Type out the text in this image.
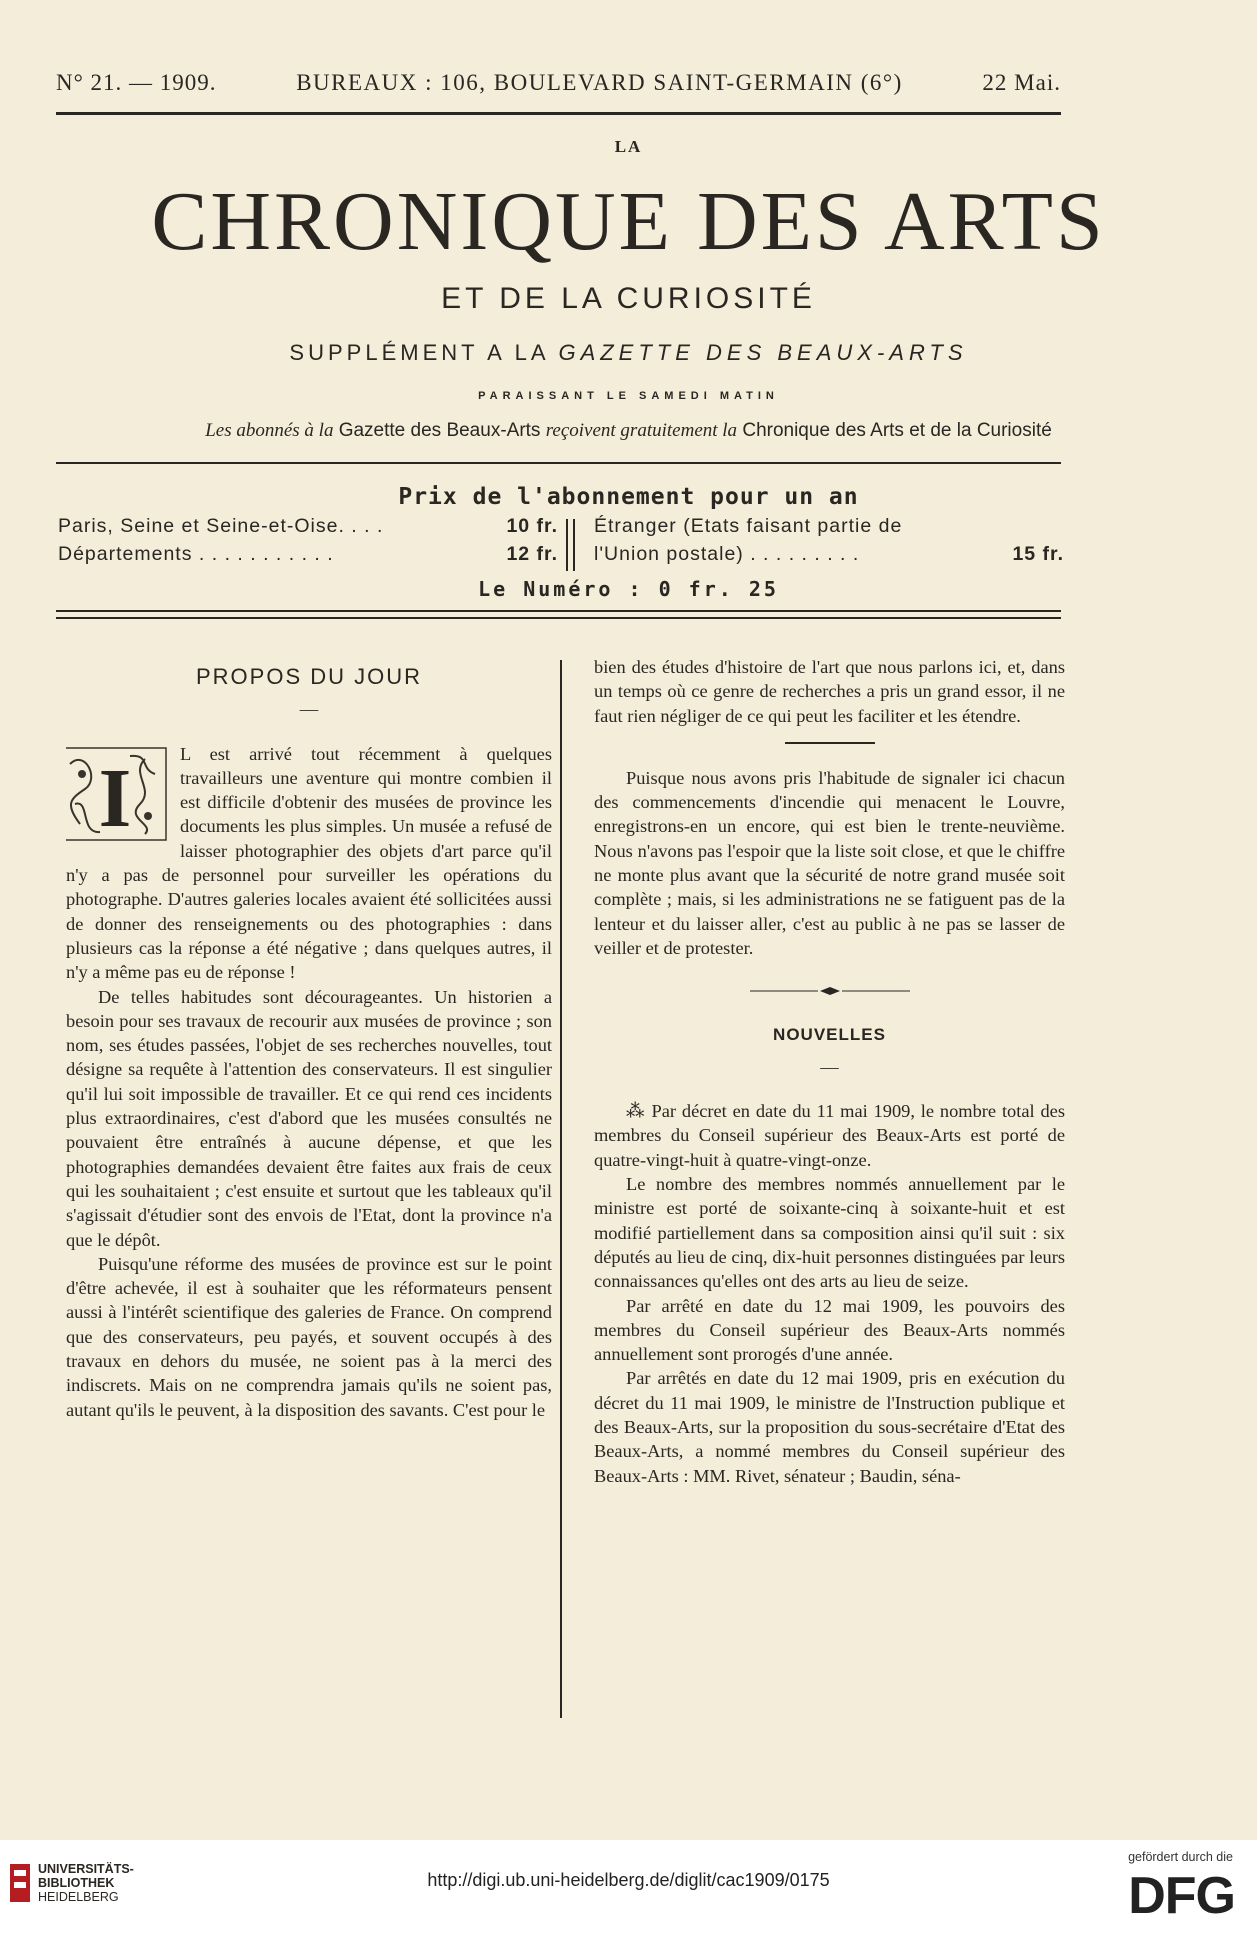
N° 21. — 1909.	BUREAUX : 106, BOULEVARD SAINT-GERMAIN (6°)	22 Mai.
LA
CHRONIQUE DES ARTS
ET DE LA CURIOSITÉ
SUPPLÉMENT A LA GAZETTE DES BEAUX-ARTS
PARAISSANT LE SAMEDI MATIN
Les abonnés à la Gazette des Beaux-Arts reçoivent gratuitement la Chronique des Arts et de la Curiosité
Prix de l'abonnement pour un an
Paris, Seine et Seine-et-Oise. . . .	10 fr.
Départements . . . . . . . . . . .	12 fr.
Étranger (Etats faisant partie de
l'Union postale) . . . . . . . . .	15 fr.
Le Numéro : 0 fr. 25
PROPOS DU JOUR
—
I	L est arrivé tout récemment à quelques travailleurs une aventure qui montre combien il est difficile d'obtenir des musées de province les documents les plus simples. Un musée a refusé de laisser photographier des objets d'art parce qu'il n'y a pas de personnel pour surveiller les opérations du photographe. D'autres galeries locales avaient été sollicitées aussi de donner des renseignements ou des photographies : dans plusieurs cas la réponse a été négative ; dans quelques autres, il n'y a même pas eu de réponse !

De telles habitudes sont décourageantes. Un historien a besoin pour ses travaux de recourir aux musées de province ; son nom, ses études passées, l'objet de ses recherches nouvelles, tout désigne sa requête à l'attention des conservateurs. Il est singulier qu'il lui soit impossible de travailler. Et ce qui rend ces incidents plus extraordinaires, c'est d'abord que les musées consultés ne pouvaient être entraînés à aucune dépense, et que les photographies demandées devaient être faites aux frais de ceux qui les souhaitaient ; c'est ensuite et surtout que les tableaux qu'il s'agissait d'étudier sont des envois de l'Etat, dont la province n'a que le dépôt.

Puisqu'une réforme des musées de province est sur le point d'être achevée, il est à souhaiter que les réformateurs pensent aussi à l'intérêt scientifique des galeries de France. On comprend que des conservateurs, peu payés, et souvent occupés à des travaux en dehors du musée, ne soient pas à la merci des indiscrets. Mais on ne comprendra jamais qu'ils ne soient pas, autant qu'ils le peuvent, à la disposition des savants. C'est pour le

bien des études d'histoire de l'art que nous parlons ici, et, dans un temps où ce genre de recherches a pris un grand essor, il ne faut rien négliger de ce qui peut les faciliter et les étendre.

Puisque nous avons pris l'habitude de signaler ici chacun des commencements d'incendie qui menacent le Louvre, enregistrons-en un encore, qui est bien le trente-neuvième. Nous n'avons pas l'espoir que la liste soit close, et que le chiffre ne monte plus avant que la sécurité de notre grand musée soit complète ; mais, si les administrations ne se fatiguent pas de la lenteur et du laisser aller, c'est au public à ne pas se lasser de veiller et de protester.

NOUVELLES
—

⁂ Par décret en date du 11 mai 1909, le nombre total des membres du Conseil supérieur des Beaux-Arts est porté de quatre-vingt-huit à quatre-vingt-onze.

Le nombre des membres nommés annuellement par le ministre est porté de soixante-cinq à soixante-huit et est modifié partiellement dans sa composition ainsi qu'il suit : six députés au lieu de cinq, dix-huit personnes distinguées par leurs connaissances qu'elles ont des arts au lieu de seize.

Par arrêté en date du 12 mai 1909, les pouvoirs des membres du Conseil supérieur des Beaux-Arts nommés annuellement sont prorogés d'une année.

Par arrêtés en date du 12 mai 1909, pris en exécution du décret du 11 mai 1909, le ministre de l'Instruction publique et des Beaux-Arts, sur la proposition du sous-secrétaire d'Etat des Beaux-Arts, a nommé membres du Conseil supérieur des Beaux-Arts : MM. Rivet, sénateur ; Baudin, séna-

UNIVERSITÄTS-
BIBLIOTHEK
HEIDELBERG
http://digi.ub.uni-heidelberg.de/diglit/cac1909/0175
gefördert durch die
DFG
